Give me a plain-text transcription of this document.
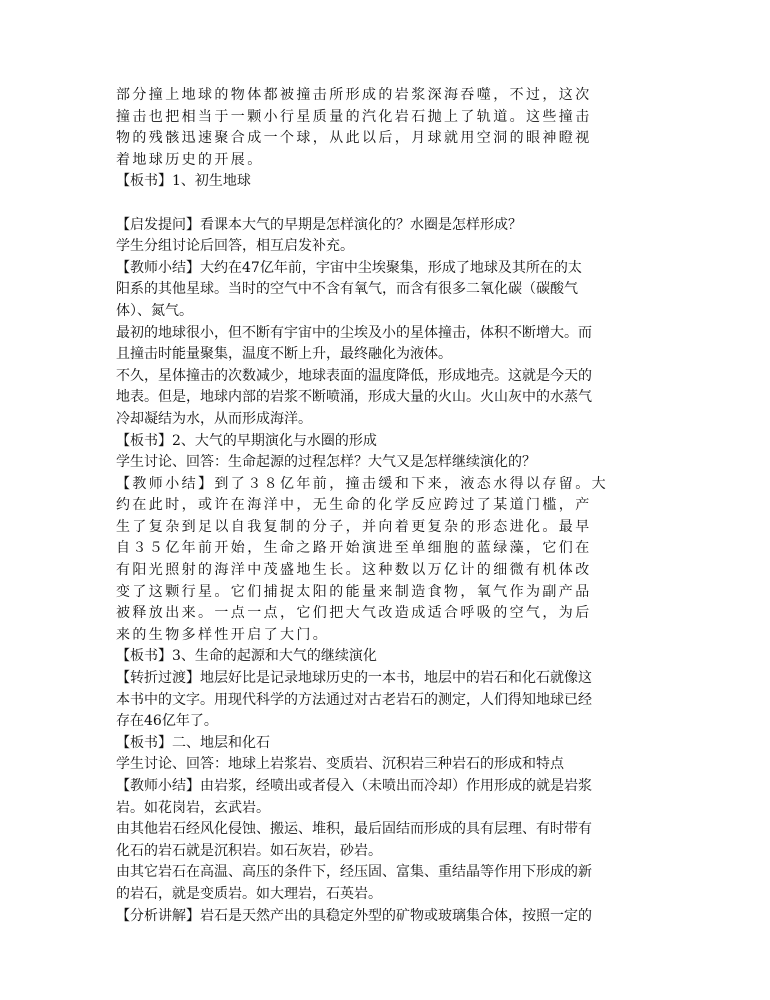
部分撞上地球的物体都被撞击所形成的岩浆深海吞噬，不过，这次
撞击也把相当于一颗小行星质量的汽化岩石抛上了轨道。这些撞击
物的残骸迅速聚合成一个球，从此以后，月球就用空洞的眼神瞪视
着地球历史的开展。
【板书】1、初生地球
【启发提问】看课本大气的早期是怎样演化的？水圈是怎样形成？
学生分组讨论后回答，相互启发补充。
【教师小结】大约在47亿年前，宇宙中尘埃聚集，形成了地球及其所在的太
阳系的其他星球。当时的空气中不含有氧气，而含有很多二氧化碳（碳酸气
体）、氮气。
最初的地球很小，但不断有宇宙中的尘埃及小的星体撞击，体积不断增大。而
且撞击时能量聚集，温度不断上升，最终融化为液体。
不久，星体撞击的次数减少，地球表面的温度降低，形成地壳。这就是今天的
地表。但是，地球内部的岩浆不断喷涌，形成大量的火山。火山灰中的水蒸气
冷却凝结为水，从而形成海洋。
【板书】2、大气的早期演化与水圈的形成
学生讨论、回答：生命起源的过程怎样？大气又是怎样继续演化的？
【教师小结】到了３８亿年前，撞击缓和下来，液态水得以存留。大
约在此时，或许在海洋中，无生命的化学反应跨过了某道门槛，产
生了复杂到足以自我复制的分子，并向着更复杂的形态进化。最早
自３５亿年前开始，生命之路开始演进至单细胞的蓝绿藻，它们在
有阳光照射的海洋中茂盛地生长。这种数以万亿计的细微有机体改
变了这颗行星。它们捕捉太阳的能量来制造食物，氧气作为副产品
被释放出来。一点一点，它们把大气改造成适合呼吸的空气，为后
来的生物多样性开启了大门。
【板书】3、生命的起源和大气的继续演化
【转折过渡】地层好比是记录地球历史的一本书，地层中的岩石和化石就像这
本书中的文字。用现代科学的方法通过对古老岩石的测定，人们得知地球已经
存在46亿年了。
【板书】二、地层和化石
学生讨论、回答：地球上岩浆岩、变质岩、沉积岩三种岩石的形成和特点
【教师小结】由岩浆，经喷出或者侵入（未喷出而冷却）作用形成的就是岩浆
岩。如花岗岩，玄武岩。
由其他岩石经风化侵蚀、搬运、堆积，最后固结而形成的具有层理、有时带有
化石的岩石就是沉积岩。如石灰岩，砂岩。
由其它岩石在高温、高压的条件下，经压固、富集、重结晶等作用下形成的新
的岩石，就是变质岩。如大理岩，石英岩。
【分析讲解】岩石是天然产出的具稳定外型的矿物或玻璃集合体，按照一定的
